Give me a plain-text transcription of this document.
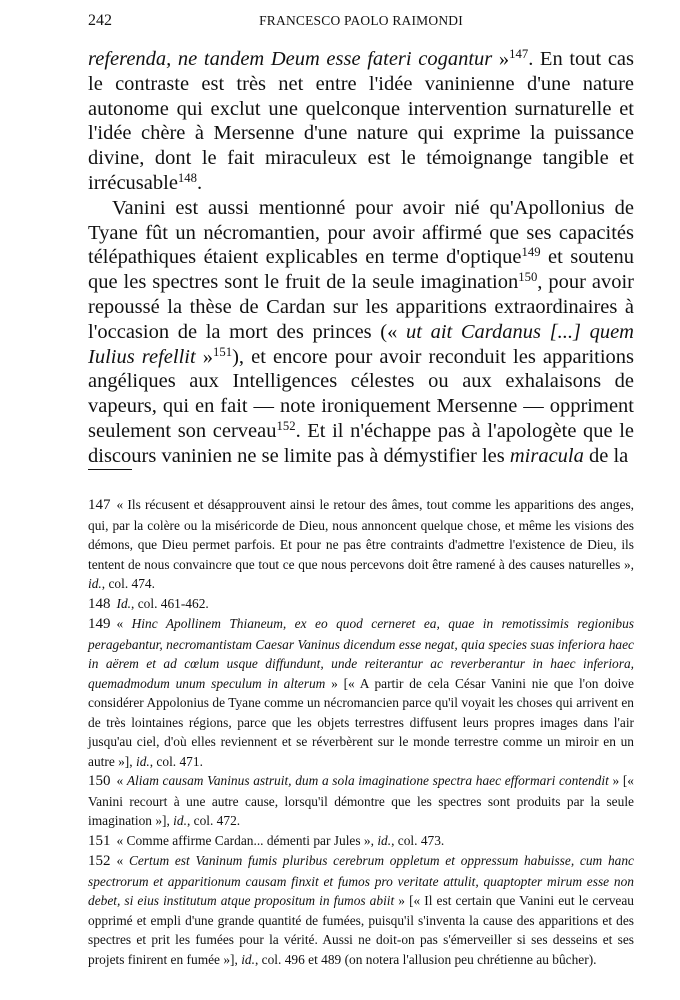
242	FRANCESCO PAOLO RAIMONDI

referenda, ne tandem Deum esse fateri cogantur »$^{147}$. En tout cas le contraste est très net entre l'idée vaninienne d'une nature autonome qui exclut une quelconque intervention surnaturelle et l'idée chère à Mersenne d'une nature qui exprime la puissance divine, dont le fait miraculeux est le témoignange tangible et irrécusable$^{148}$.

Vanini est aussi mentionné pour avoir nié qu'Apollonius de Tyane fût un nécromantien, pour avoir affirmé que ses capacités télépathiques étaient explicables en terme d'optique$^{149}$ et soutenu que les spectres sont le fruit de la seule imagination$^{150}$, pour avoir repoussé la thèse de Cardan sur les apparitions extraordinaires à l'occasion de la mort des princes (« ut ait Cardanus [...] quem Iulius refellit »$^{151}$), et encore pour avoir reconduit les apparitions angéliques aux Intelligences célestes ou aux exhalaisons de vapeurs, qui en fait — note ironiquement Mersenne — oppriment seulement son cerveau$^{152}$. Et il n'échappe pas à l'apologète que le discours vaninien ne se limite pas à démystifier les miracula de la

147 « Ils récusent et désapprouvent ainsi le retour des âmes, tout comme les apparitions des anges, qui, par la colère ou la miséricorde de Dieu, nous annoncent quelque chose, et même les visions des démons, que Dieu permet parfois. Et pour ne pas être contraints d'admettre l'existence de Dieu, ils tentent de nous convaincre que tout ce que nous percevons doit être ramené à des causes naturelles », id., col. 474.

148 Id., col. 461-462.

149 « Hinc Apollinem Thianeum, ex eo quod cerneret ea, quae in remotissimis regionibus peragebantur, necromantistam Caesar Vaninus dicendum esse negat, quia species suas inferiora haec in aërem et ad cœlum usque diffundunt, unde reiterantur ac reverberantur in haec inferiora, quemadmodum unum speculum in alterum » [« A partir de cela César Vanini nie que l'on doive considérer Appolonius de Tyane comme un nécromancien parce qu'il voyait les choses qui arrivent en de très lointaines régions, parce que les objets terrestres diffusent leurs propres images dans l'air jusqu'au ciel, d'où elles reviennent et se réverbèrent sur le monde terrestre comme un miroir en un autre »], id., col. 471.

150 « Aliam causam Vaninus astruit, dum a sola imaginatione spectra haec efformari contendit » [« Vanini recourt à une autre cause, lorsqu'il démontre que les spectres sont produits par la seule imagination »], id., col. 472.

151 « Comme affirme Cardan... démenti par Jules », id., col. 473.

152 « Certum est Vaninum fumis pluribus cerebrum oppletum et oppressum habuisse, cum hanc spectrorum et apparitionum causam finxit et fumos pro veritate attulit, quaptopter mirum esse non debet, si eius institutum atque propositum in fumos abiit » [« Il est certain que Vanini eut le cerveau opprimé et empli d'une grande quantité de fumées, puisqu'il s'inventa la cause des apparitions et des spectres et prit les fumées pour la vérité. Aussi ne doit-on pas s'émerveiller si ses desseins et ses projets finirent en fumée »], id., col. 496 et 489 (on notera l'allusion peu chrétienne au bûcher).
